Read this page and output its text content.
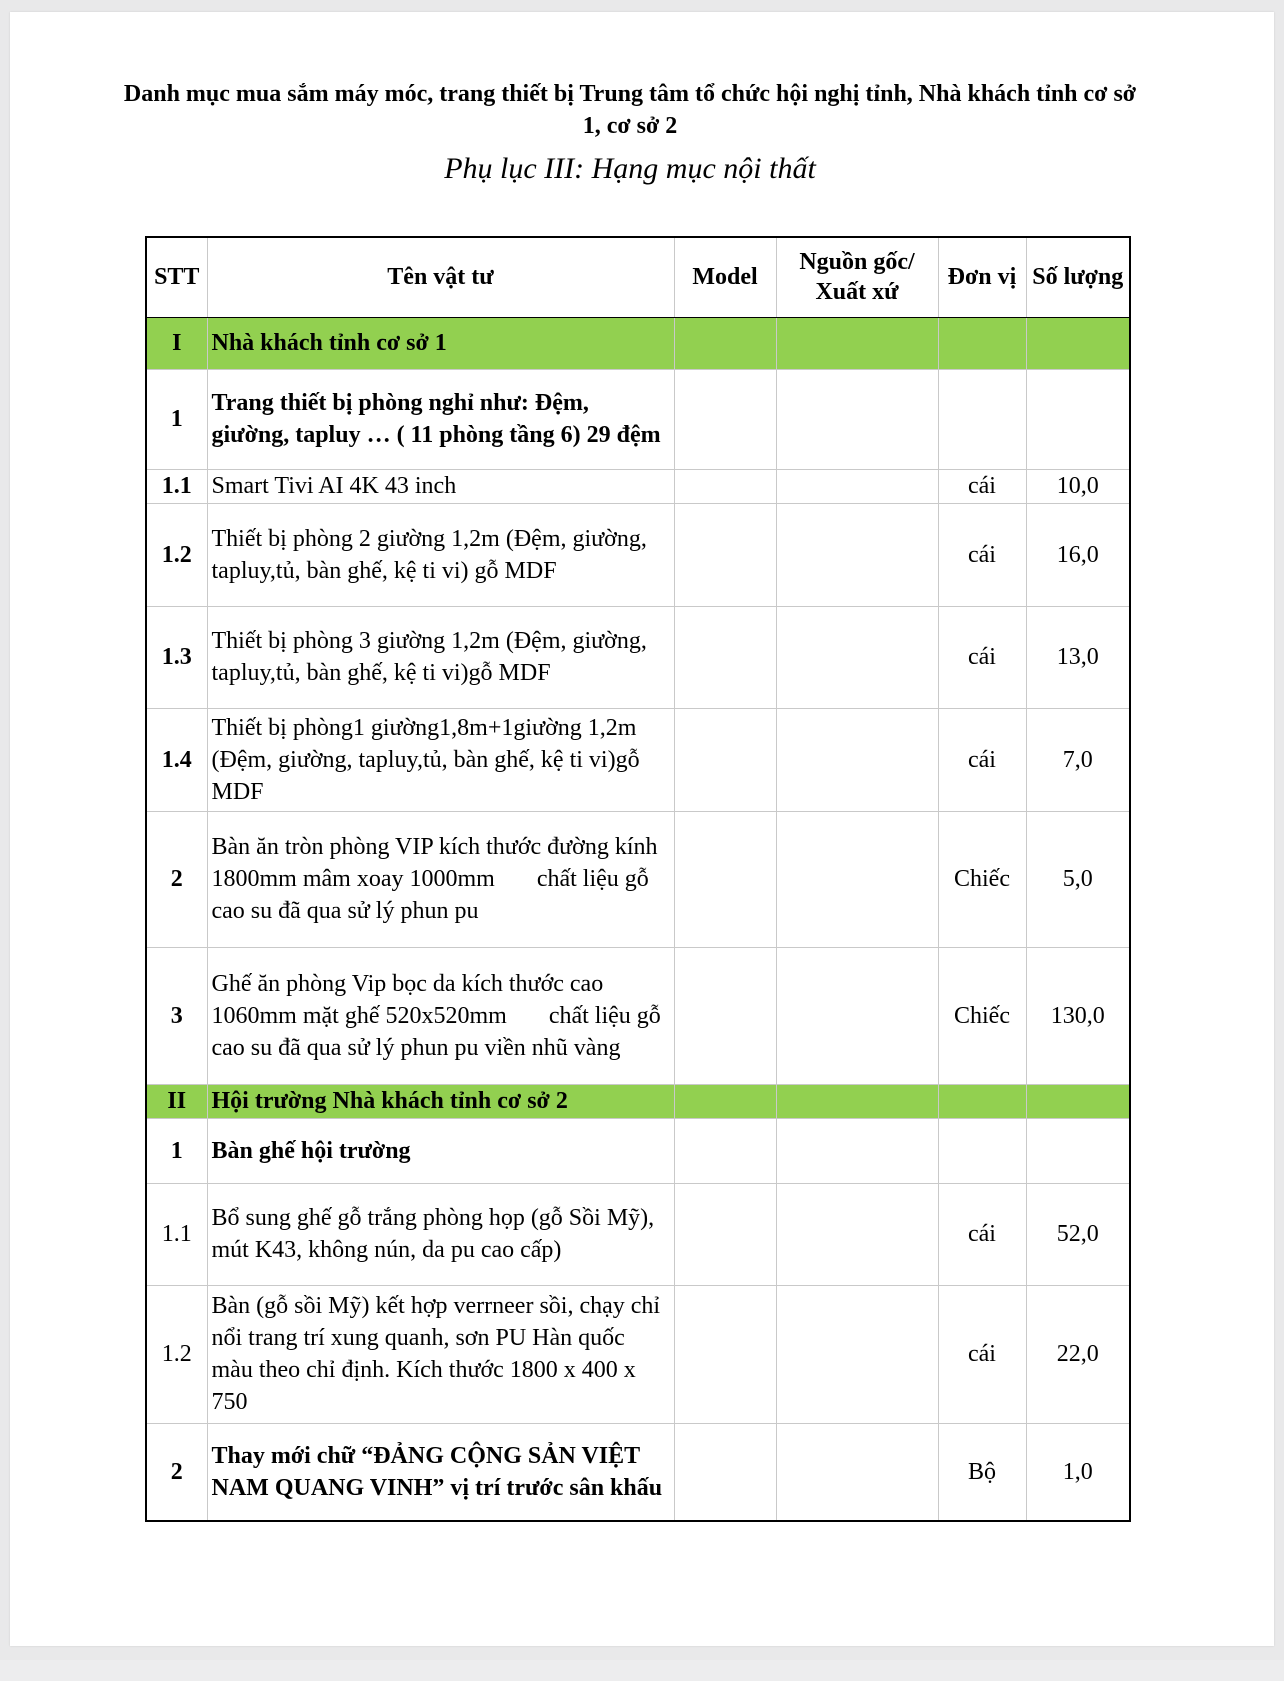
Danh mục mua sắm máy móc, trang thiết bị Trung tâm tổ chức hội nghị tỉnh, Nhà khách tỉnh cơ sở 1, cơ sở 2
Phụ lục III: Hạng mục nội thất
STT	Tên vật tư	Model	Nguồn gốc/ Xuất xứ	Đơn vị	Số lượng
I	Nhà khách tỉnh cơ sở 1				
1	Trang thiết bị phòng nghỉ như: Đệm, giường, tapluy … ( 11 phòng tầng 6) 29 đệm				
1.1	Smart Tivi AI 4K 43 inch			cái	10,0
1.2	Thiết bị phòng 2 giường 1,2m (Đệm, giường, tapluy,tủ, bàn ghế, kệ ti vi) gỗ MDF			cái	16,0
1.3	Thiết bị phòng 3 giường 1,2m (Đệm, giường, tapluy,tủ, bàn ghế, kệ ti vi)gỗ MDF			cái	13,0
1.4	Thiết bị phòng1 giường1,8m+1giường 1,2m (Đệm, giường, tapluy,tủ, bàn ghế, kệ ti vi)gỗ MDF			cái	7,0
2	Bàn ăn tròn phòng VIP kích thước đường kính 1800mm mâm xoay 1000mm       chất liệu gỗ cao su đã qua sử lý phun pu			Chiếc	5,0
3	Ghế ăn phòng Vip bọc da kích thước cao 1060mm mặt ghế 520x520mm       chất liệu gỗ cao su đã qua sử lý phun pu viền nhũ vàng			Chiếc	130,0
II	Hội trường Nhà khách tỉnh cơ sở 2				
1	Bàn ghế hội trường				
1.1	Bổ sung ghế gỗ trắng phòng họp (gỗ Sồi Mỹ), mút K43, không nún, da pu cao cấp)			cái	52,0
1.2	Bàn (gỗ sồi Mỹ) kết hợp verrneer sồi, chạy chỉ nổi trang trí xung quanh, sơn PU Hàn quốc màu theo chỉ định. Kích thước 1800 x 400 x 750			cái	22,0
2	Thay mới chữ “ĐẢNG CỘNG SẢN VIỆT NAM QUANG VINH” vị trí trước sân khấu			Bộ	1,0
